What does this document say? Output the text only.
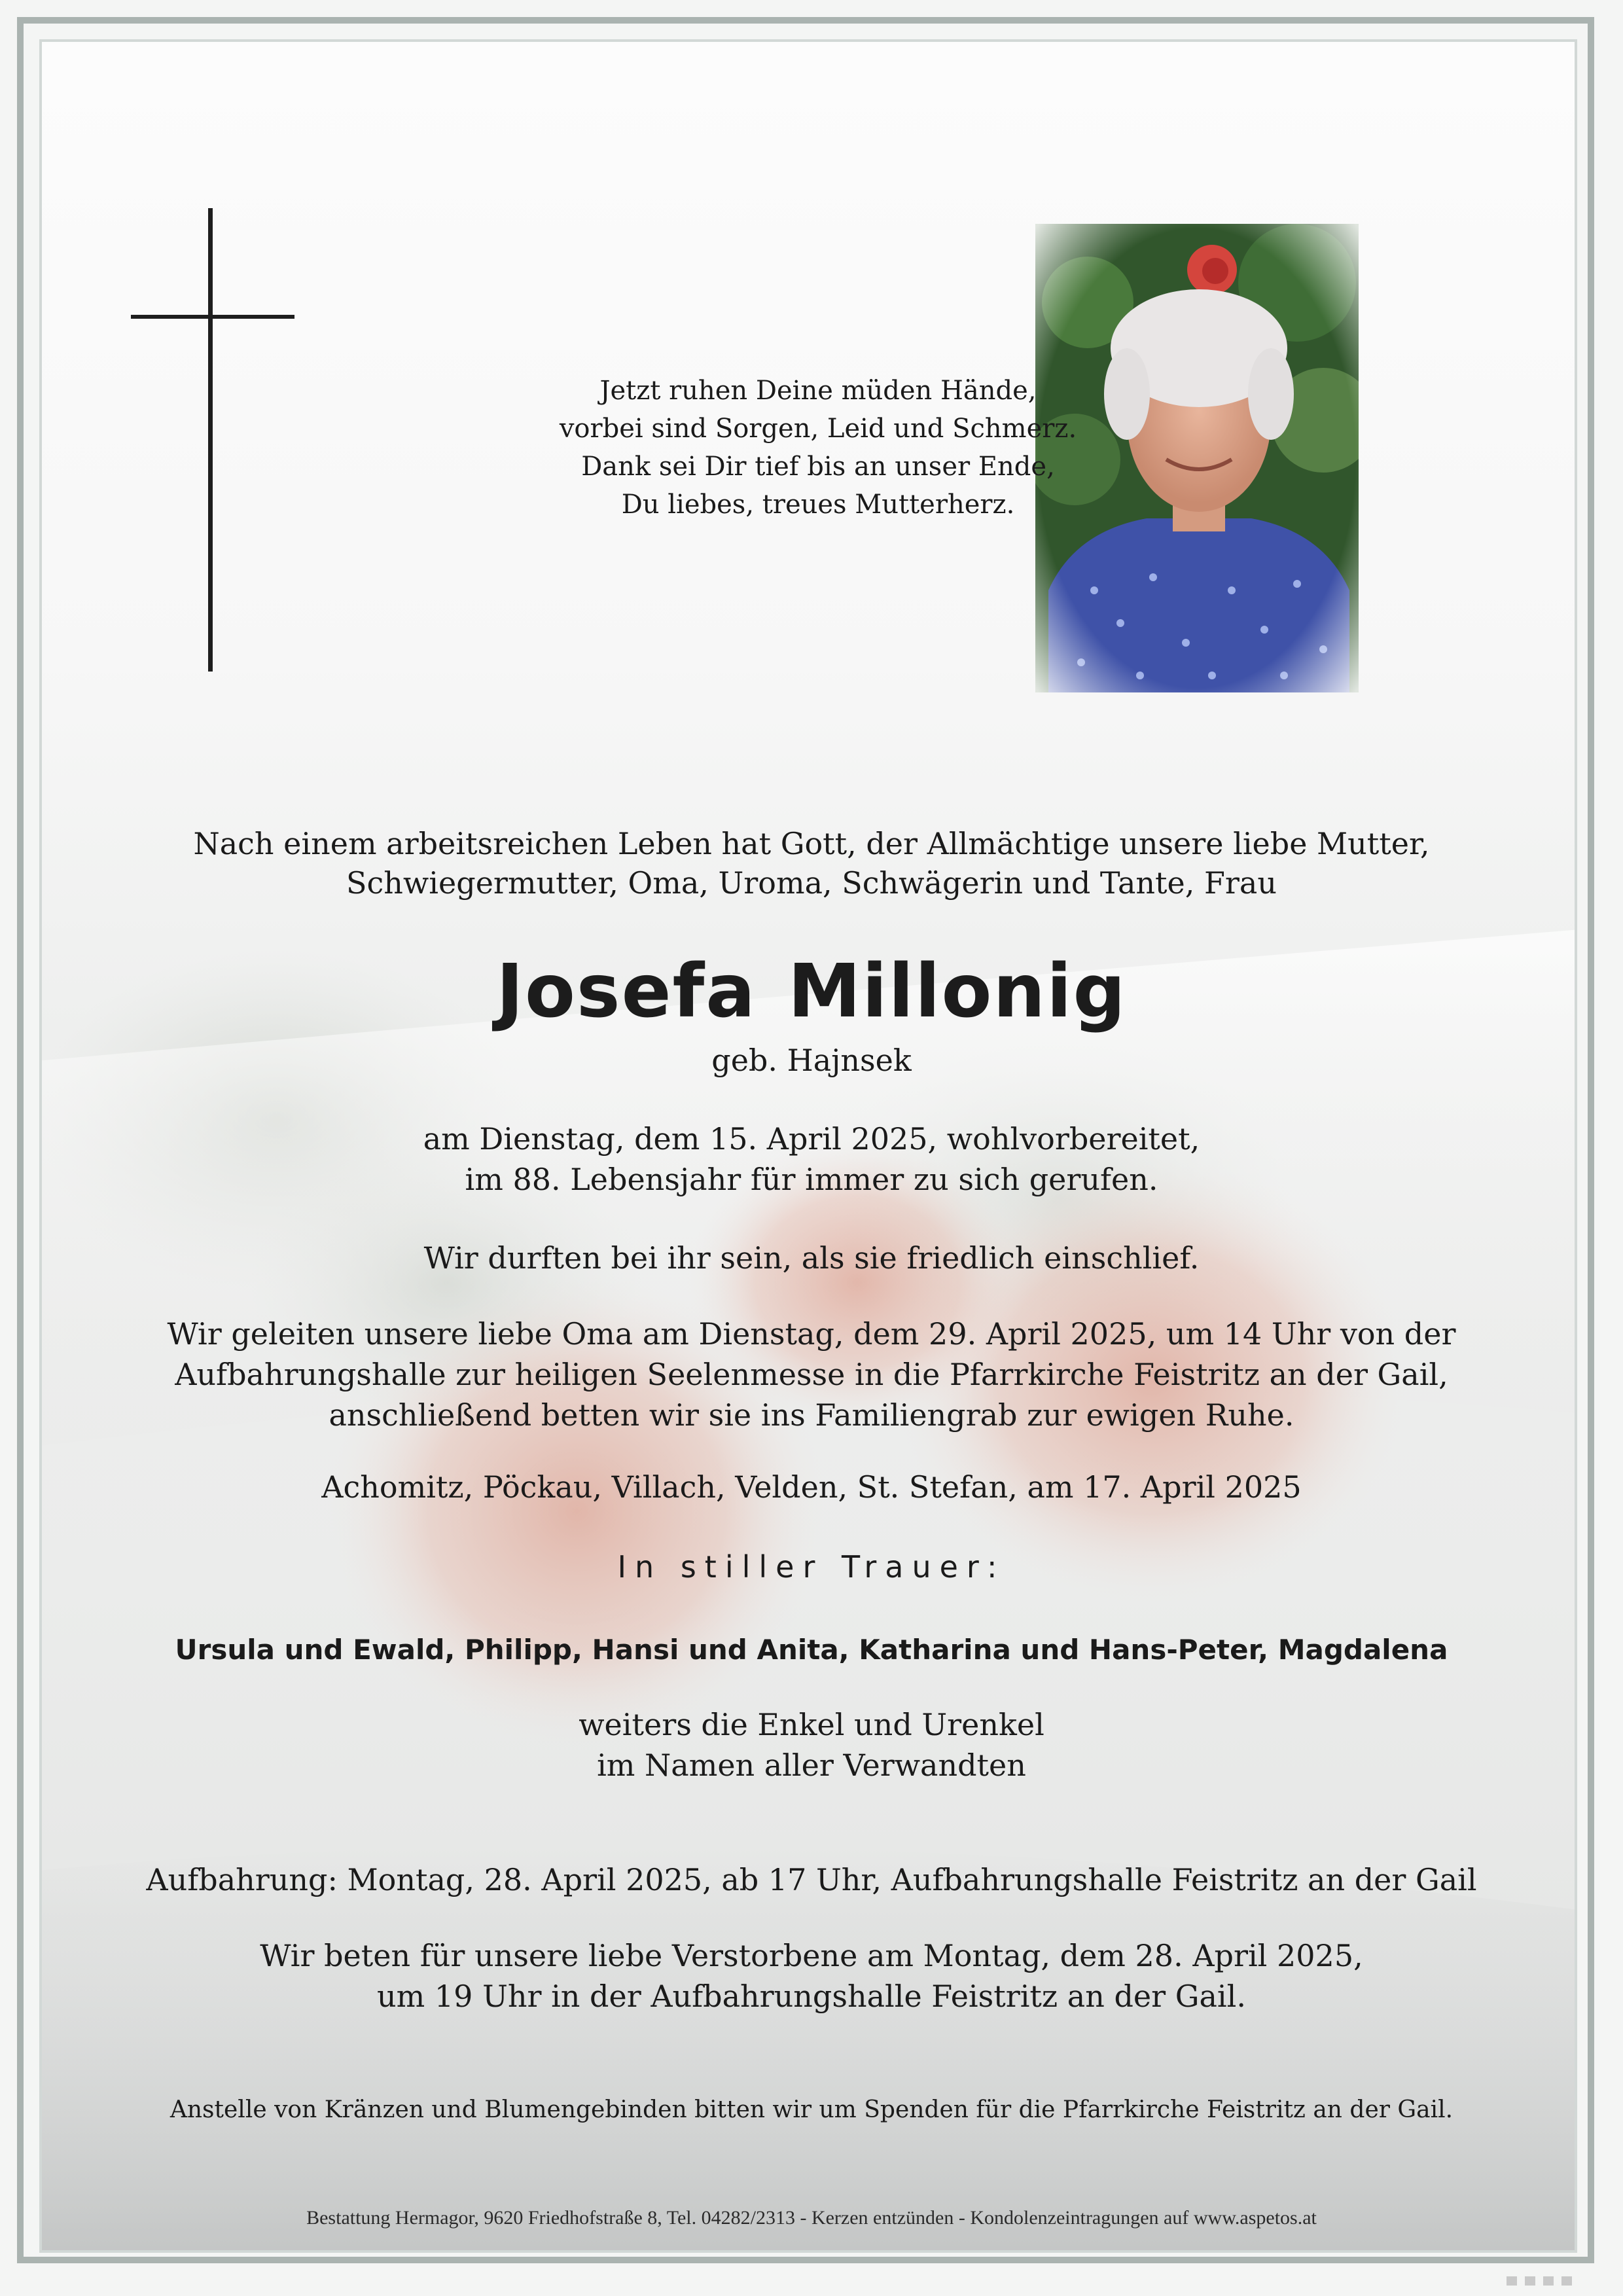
Jetzt ruhen Deine müden Hände,

vorbei sind Sorgen, Leid und Schmerz.

Dank sei Dir tief bis an unser Ende,

Du liebes, treues Mutterherz.

Nach einem arbeitsreichen Leben hat Gott, der Allmächtige unsere liebe Mutter,

Schwiegermutter, Oma, Uroma, Schwägerin und Tante, Frau

Josefa Millonig

geb. Hajnsek

am Dienstag, dem 15. April 2025, wohlvorbereitet,

im 88. Lebensjahr für immer zu sich gerufen.

Wir durften bei ihr sein, als sie friedlich einschlief.

Wir geleiten unsere liebe Oma am Dienstag, dem 29. April 2025, um 14 Uhr von der

Aufbahrungshalle zur heiligen Seelenmesse in die Pfarrkirche Feistritz an der Gail,

anschließend betten wir sie ins Familiengrab zur ewigen Ruhe.

Achomitz, Pöckau, Villach, Velden, St. Stefan, am 17. April 2025

In stiller Trauer:

Ursula und Ewald, Philipp, Hansi und Anita, Katharina und Hans-Peter, Magdalena

weiters die Enkel und Urenkel

im Namen aller Verwandten

Aufbahrung: Montag, 28. April 2025, ab 17 Uhr, Aufbahrungshalle Feistritz an der Gail

Wir beten für unsere liebe Verstorbene am Montag, dem 28. April 2025,

um 19 Uhr in der Aufbahrungshalle Feistritz an der Gail.

Anstelle von Kränzen und Blumengebinden bitten wir um Spenden für die Pfarrkirche Feistritz an der Gail.

Bestattung Hermagor, 9620 Friedhofstraße 8, Tel. 04282/2313 - Kerzen entzünden - Kondolenzeintragungen auf www.aspetos.at
